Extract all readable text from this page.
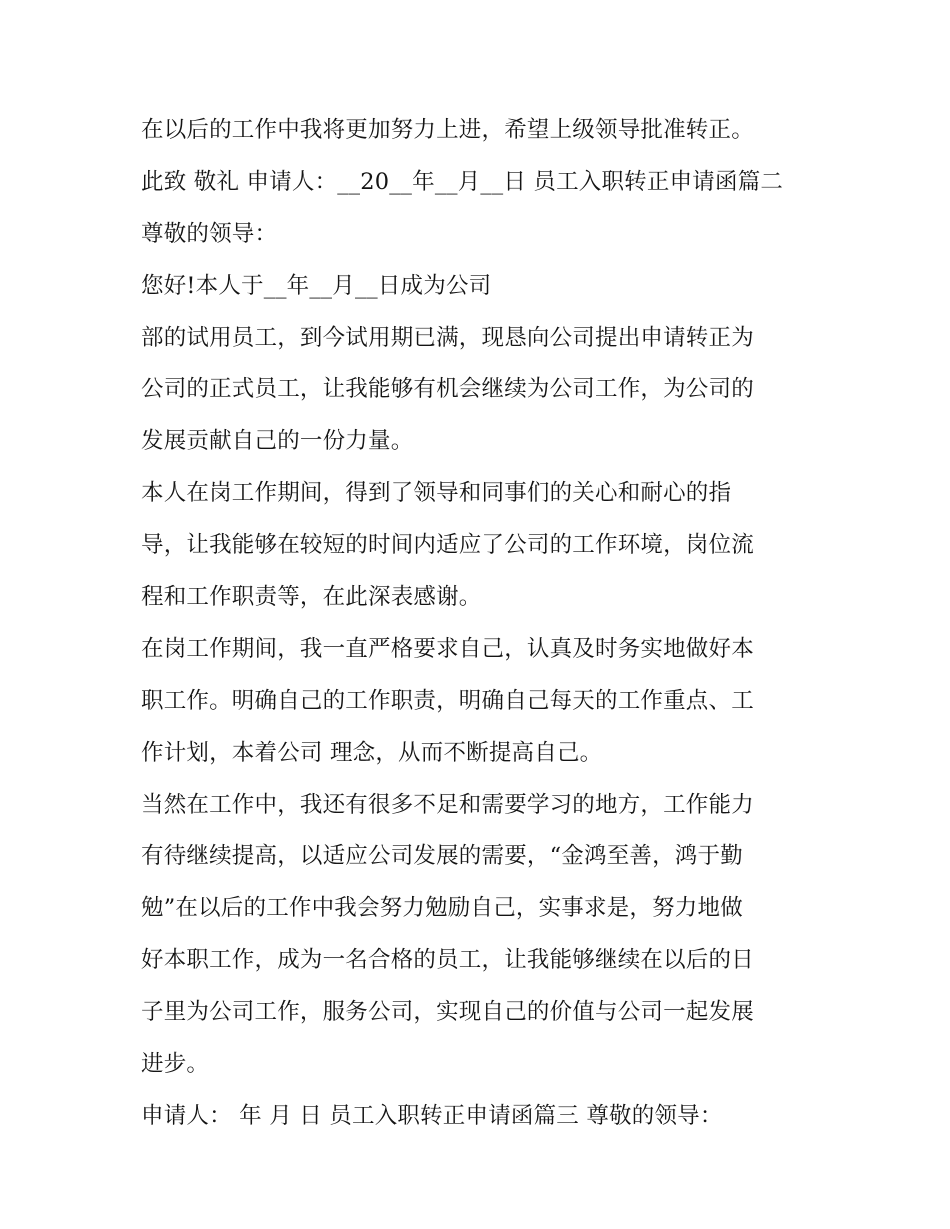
在以后的工作中我将更加努力上进，希望上级领导批准转正。
此致 敬礼 申请人：__20__年__月__日 员工入职转正申请函篇二
尊敬的领导：
您好!本人于__年__月__日成为公司
部的试用员工，到今试用期已满，现恳向公司提出申请转正为
公司的正式员工，让我能够有机会继续为公司工作，为公司的
发展贡献自己的一份力量。
本人在岗工作期间，得到了领导和同事们的关心和耐心的指
导，让我能够在较短的时间内适应了公司的工作环境，岗位流
程和工作职责等，在此深表感谢。
在岗工作期间，我一直严格要求自己，认真及时务实地做好本
职工作。明确自己的工作职责，明确自己每天的工作重点、工
作计划，本着公司 理念，从而不断提高自己。
当然在工作中，我还有很多不足和需要学习的地方，工作能力
有待继续提高，以适应公司发展的需要，“金鸿至善，鸿于勤
勉”在以后的工作中我会努力勉励自己，实事求是，努力地做
好本职工作，成为一名合格的员工，让我能够继续在以后的日
子里为公司工作，服务公司，实现自己的价值与公司一起发展
进步。
申请人： 年 月 日 员工入职转正申请函篇三 尊敬的领导：
